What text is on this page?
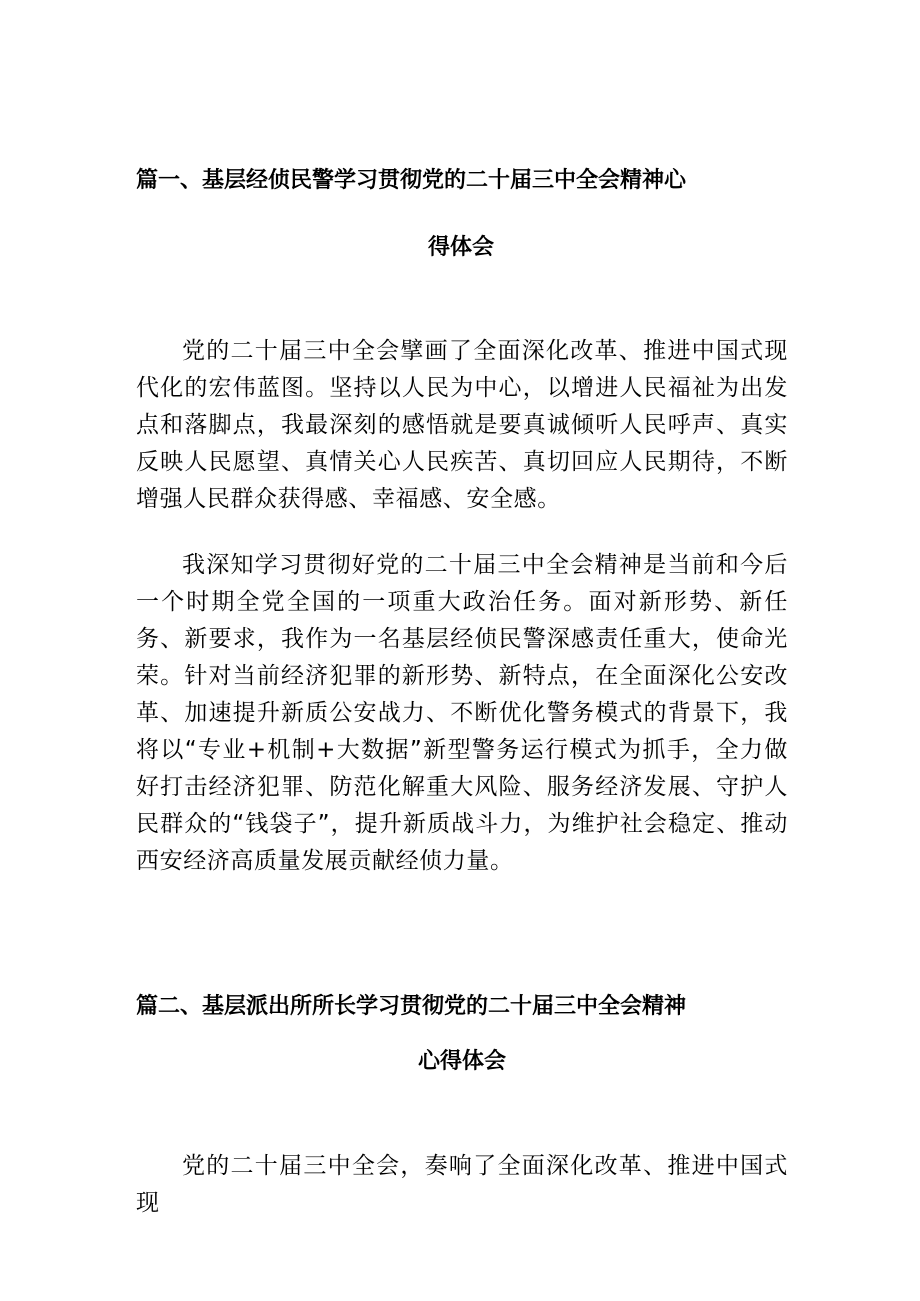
篇一、基层经侦民警学习贯彻党的二十届三中全会精神心
得体会

党的二十届三中全会擘画了全面深化改革、推进中国式现代化的宏伟蓝图。坚持以人民为中心，以增进人民福祉为出发点和落脚点，我最深刻的感悟就是要真诚倾听人民呼声、真实反映人民愿望、真情关心人民疾苦、真切回应人民期待，不断增强人民群众获得感、幸福感、安全感。

我深知学习贯彻好党的二十届三中全会精神是当前和今后一个时期全党全国的一项重大政治任务。面对新形势、新任务、新要求，我作为一名基层经侦民警深感责任重大，使命光荣。针对当前经济犯罪的新形势、新特点，在全面深化公安改革、加速提升新质公安战力、不断优化警务模式的背景下，我将以“专业+机制+大数据”新型警务运行模式为抓手，全力做好打击经济犯罪、防范化解重大风险、服务经济发展、守护人民群众的“钱袋子”，提升新质战斗力，为维护社会稳定、推动西安经济高质量发展贡献经侦力量。

篇二、基层派出所所长学习贯彻党的二十届三中全会精神
心得体会

党的二十届三中全会，奏响了全面深化改革、推进中国式现
